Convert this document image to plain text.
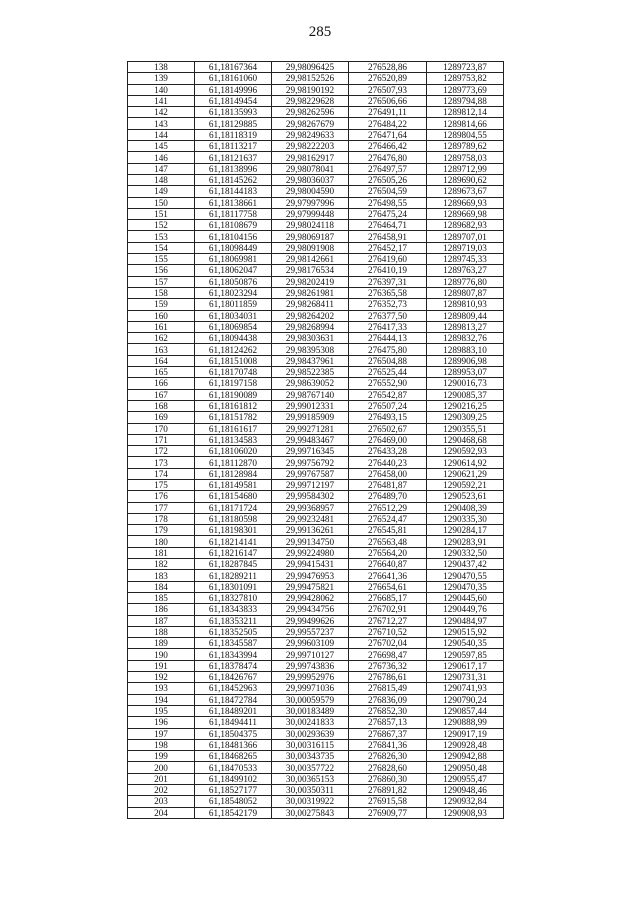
285
138	61,18167364	29,98096425	276528,86	1289723,87
139	61,18161060	29,98152526	276520,89	1289753,82
140	61,18149996	29,98190192	276507,93	1289773,69
141	61,18149454	29,98229628	276506,66	1289794,88
142	61,18135993	29,98262596	276491,11	1289812,14
143	61,18129885	29,98267679	276484,22	1289814,66
144	61,18118319	29,98249633	276471,64	1289804,55
145	61,18113217	29,98222203	276466,42	1289789,62
146	61,18121637	29,98162917	276476,80	1289758,03
147	61,18138996	29,98078041	276497,57	1289712,99
148	61,18145262	29,98036037	276505,26	1289690,62
149	61,18144183	29,98004590	276504,59	1289673,67
150	61,18138661	29,97997996	276498,55	1289669,93
151	61,18117758	29,97999448	276475,24	1289669,98
152	61,18108679	29,98024118	276464,71	1289682,93
153	61,18104156	29,98069187	276458,91	1289707,01
154	61,18098449	29,98091908	276452,17	1289719,03
155	61,18069981	29,98142661	276419,60	1289745,33
156	61,18062047	29,98176534	276410,19	1289763,27
157	61,18050876	29,98202419	276397,31	1289776,80
158	61,18023294	29,98261981	276365,58	1289807,87
159	61,18011859	29,98268411	276352,73	1289810,93
160	61,18034031	29,98264202	276377,50	1289809,44
161	61,18069854	29,98268994	276417,33	1289813,27
162	61,18094438	29,98303631	276444,13	1289832,76
163	61,18124262	29,98395308	276475,80	1289883,10
164	61,18151008	29,98437961	276504,88	1289906,98
165	61,18170748	29,98522385	276525,44	1289953,07
166	61,18197158	29,98639052	276552,90	1290016,73
167	61,18190089	29,98767140	276542,87	1290085,37
168	61,18161812	29,99012331	276507,24	1290216,25
169	61,18151782	29,99185909	276493,15	1290309,25
170	61,18161617	29,99271281	276502,67	1290355,51
171	61,18134583	29,99483467	276469,00	1290468,68
172	61,18106020	29,99716345	276433,28	1290592,93
173	61,18112870	29,99756792	276440,23	1290614,92
174	61,18128984	29,99767587	276458,00	1290621,29
175	61,18149581	29,99712197	276481,87	1290592,21
176	61,18154680	29,99584302	276489,70	1290523,61
177	61,18171724	29,99368957	276512,29	1290408,39
178	61,18180598	29,99232481	276524,47	1290335,30
179	61,18198301	29,99136261	276545,81	1290284,17
180	61,18214141	29,99134750	276563,48	1290283,91
181	61,18216147	29,99224980	276564,20	1290332,50
182	61,18287845	29,99415431	276640,87	1290437,42
183	61,18289211	29,99476953	276641,36	1290470,55
184	61,18301091	29,99475821	276654,61	1290470,35
185	61,18327810	29,99428062	276685,17	1290445,60
186	61,18343833	29,99434756	276702,91	1290449,76
187	61,18353211	29,99499626	276712,27	1290484,97
188	61,18352505	29,99557237	276710,52	1290515,92
189	61,18345587	29,99603109	276702,04	1290540,35
190	61,18343994	29,99710127	276698,47	1290597,85
191	61,18378474	29,99743836	276736,32	1290617,17
192	61,18426767	29,99952976	276786,61	1290731,31
193	61,18452963	29,99971036	276815,49	1290741,93
194	61,18472784	30,00059579	276836,09	1290790,24
195	61,18489201	30,00183489	276852,30	1290857,44
196	61,18494411	30,00241833	276857,13	1290888,99
197	61,18504375	30,00293639	276867,37	1290917,19
198	61,18481366	30,00316115	276841,36	1290928,48
199	61,18468265	30,00343735	276826,30	1290942,88
200	61,18470533	30,00357722	276828,60	1290950,48
201	61,18499102	30,00365153	276860,30	1290955,47
202	61,18527177	30,00350311	276891,82	1290948,46
203	61,18548052	30,00319922	276915,58	1290932,84
204	61,18542179	30,00275843	276909,77	1290908,93
